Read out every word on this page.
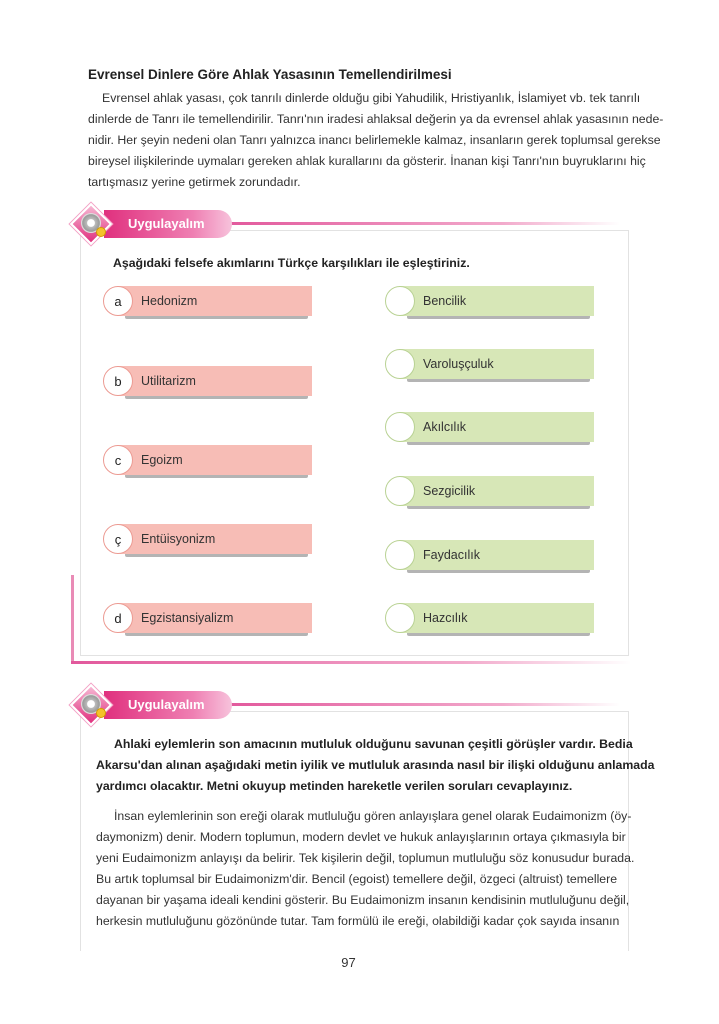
Evrensel Dinlere Göre Ahlak Yasasının Temellendirilmesi
Evrensel ahlak yasası, çok tanrılı dinlerde olduğu gibi Yahudilik, Hristiyanlık, İslamiyet vb. tek tanrılı
dinlerde de Tanrı ile temellendirilir. Tanrı'nın iradesi ahlaksal değerin ya da evrensel ahlak yasasının nede-
nidir. Her şeyin nedeni olan Tanrı yalnızca inancı belirlemekle kalmaz, insanların gerek toplumsal gerekse
bireysel ilişkilerinde uymaları gereken ahlak kurallarını da gösterir. İnanan kişi Tanrı'nın buyruklarını hiç
tartışmasız yerine getirmek zorundadır.
Uygulayalım
Aşağıdaki felsefe akımlarını Türkçe karşılıkları ile eşleştiriniz.
a	Hedonizm
b	Utilitarizm
c	Egoizm
ç	Entüisyonizm
d	Egzistansiyalizm
Bencilik
Varoluşçuluk
Akılcılık
Sezgicilik
Faydacılık
Hazcılık
Uygulayalım
Ahlaki eylemlerin son amacının mutluluk olduğunu savunan çeşitli görüşler vardır. Bedia
Akarsu'dan alınan aşağıdaki metin iyilik ve mutluluk arasında nasıl bir ilişki olduğunu anlamada
yardımcı olacaktır. Metni okuyup metinden hareketle verilen soruları cevaplayınız.
İnsan eylemlerinin son ereği olarak mutluluğu gören anlayışlara genel olarak Eudaimonizm (öy-
daymonizm) denir. Modern toplumun, modern devlet ve hukuk anlayışlarının ortaya çıkmasıyla bir
yeni Eudaimonizm anlayışı da belirir. Tek kişilerin değil, toplumun mutluluğu söz konusudur burada.
Bu artık toplumsal bir Eudaimonizm'dir. Bencil (egoist) temellere değil, özgeci (altruist) temellere
dayanan bir yaşama ideali kendini gösterir. Bu Eudaimonizm insanın kendisinin mutluluğunu değil,
herkesin mutluluğunu gözönünde tutar. Tam formülü ile ereği, olabildiği kadar çok sayıda insanın
97
